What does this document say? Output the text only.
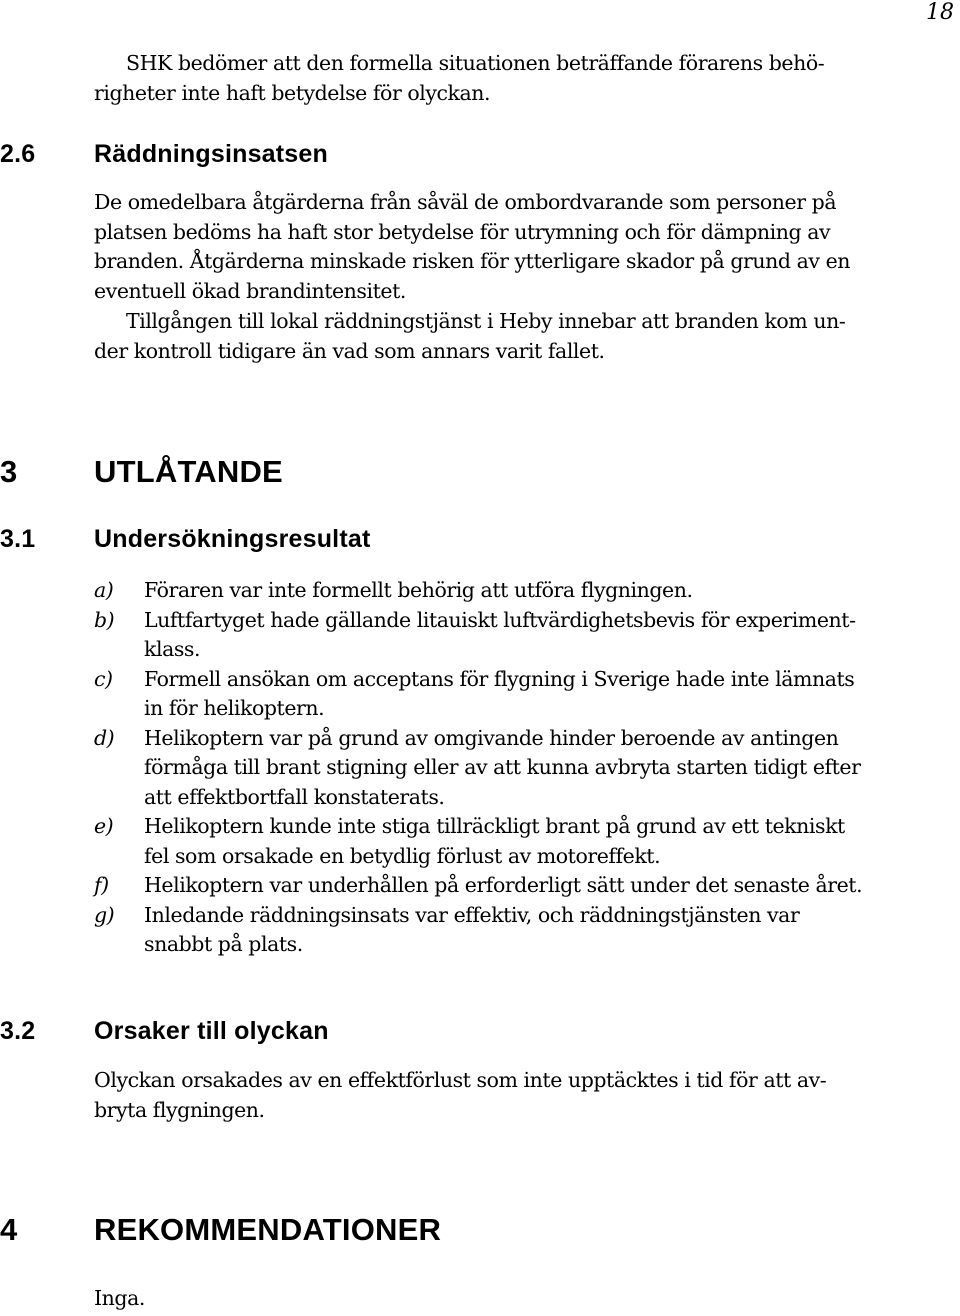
18
SHK bedömer att den formella situationen beträffande förarens behö-
righeter inte haft betydelse för olyckan.
2.6 Räddningsinsatsen
De omedelbara åtgärderna från såväl de ombordvarande som personer på
platsen bedöms ha haft stor betydelse för utrymning och för dämpning av
branden. Åtgärderna minskade risken för ytterligare skador på grund av en
eventuell ökad brandintensitet.
Tillgången till lokal räddningstjänst i Heby innebar att branden kom un-
der kontroll tidigare än vad som annars varit fallet.
3 UTLÅTANDE
3.1 Undersökningsresultat
a) Föraren var inte formellt behörig att utföra flygningen.
b) Luftfartyget hade gällande litauiskt luftvärdighetsbevis för experiment-
klass.
c) Formell ansökan om acceptans för flygning i Sverige hade inte lämnats
in för helikoptern.
d) Helikoptern var på grund av omgivande hinder beroende av antingen
förmåga till brant stigning eller av att kunna avbryta starten tidigt efter
att effektbortfall konstaterats.
e) Helikoptern kunde inte stiga tillräckligt brant på grund av ett tekniskt
fel som orsakade en betydlig förlust av motoreffekt.
f) Helikoptern var underhållen på erforderligt sätt under det senaste året.
g) Inledande räddningsinsats var effektiv, och räddningstjänsten var
snabbt på plats.
3.2 Orsaker till olyckan
Olyckan orsakades av en effektförlust som inte upptäcktes i tid för att av-
bryta flygningen.
4 REKOMMENDATIONER
Inga.
